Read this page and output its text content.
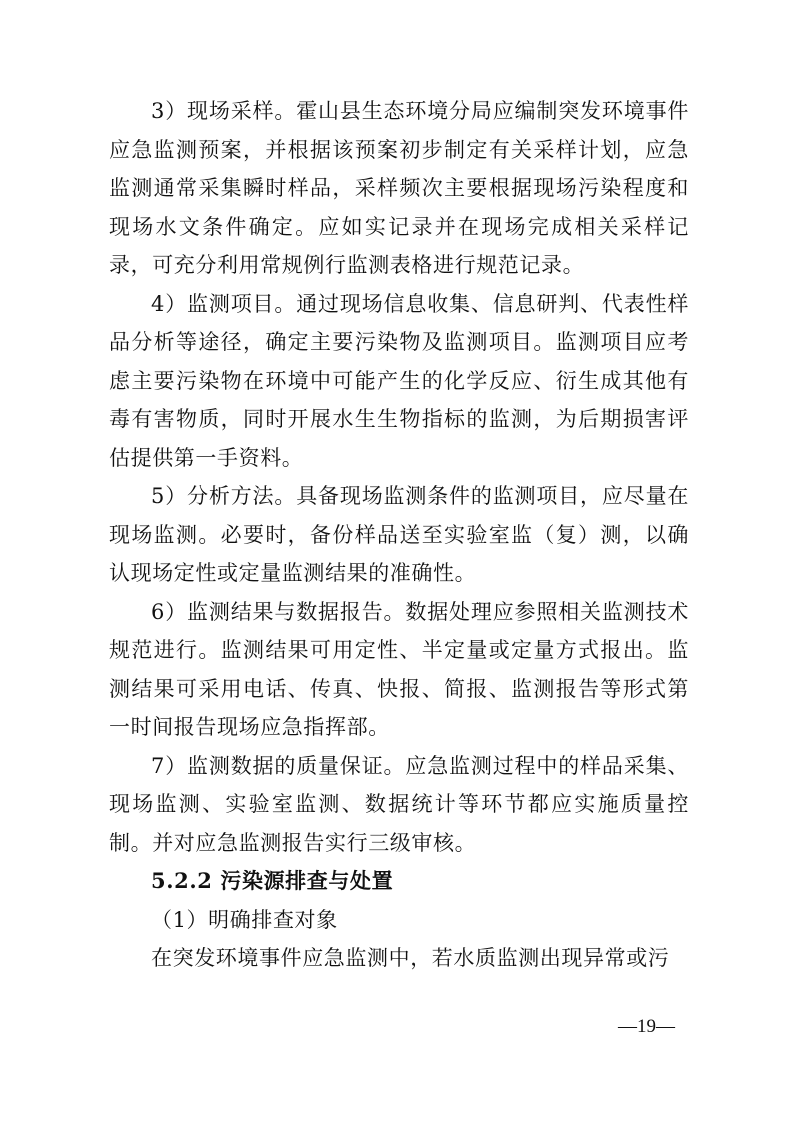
3）现场采样。霍山县生态环境分局应编制突发环境事件应急监测预案，并根据该预案初步制定有关采样计划，应急监测通常采集瞬时样品，采样频次主要根据现场污染程度和现场水文条件确定。应如实记录并在现场完成相关采样记录，可充分利用常规例行监测表格进行规范记录。

4）监测项目。通过现场信息收集、信息研判、代表性样品分析等途径，确定主要污染物及监测项目。监测项目应考虑主要污染物在环境中可能产生的化学反应、衍生成其他有毒有害物质，同时开展水生生物指标的监测，为后期损害评估提供第一手资料。

5）分析方法。具备现场监测条件的监测项目，应尽量在现场监测。必要时，备份样品送至实验室监（复）测，以确认现场定性或定量监测结果的准确性。

6）监测结果与数据报告。数据处理应参照相关监测技术规范进行。监测结果可用定性、半定量或定量方式报出。监测结果可采用电话、传真、快报、简报、监测报告等形式第一时间报告现场应急指挥部。

7）监测数据的质量保证。应急监测过程中的样品采集、现场监测、实验室监测、数据统计等环节都应实施质量控制。并对应急监测报告实行三级审核。

5.2.2 污染源排查与处置

（1）明确排查对象

在突发环境事件应急监测中，若水质监测出现异常或污

—19—
